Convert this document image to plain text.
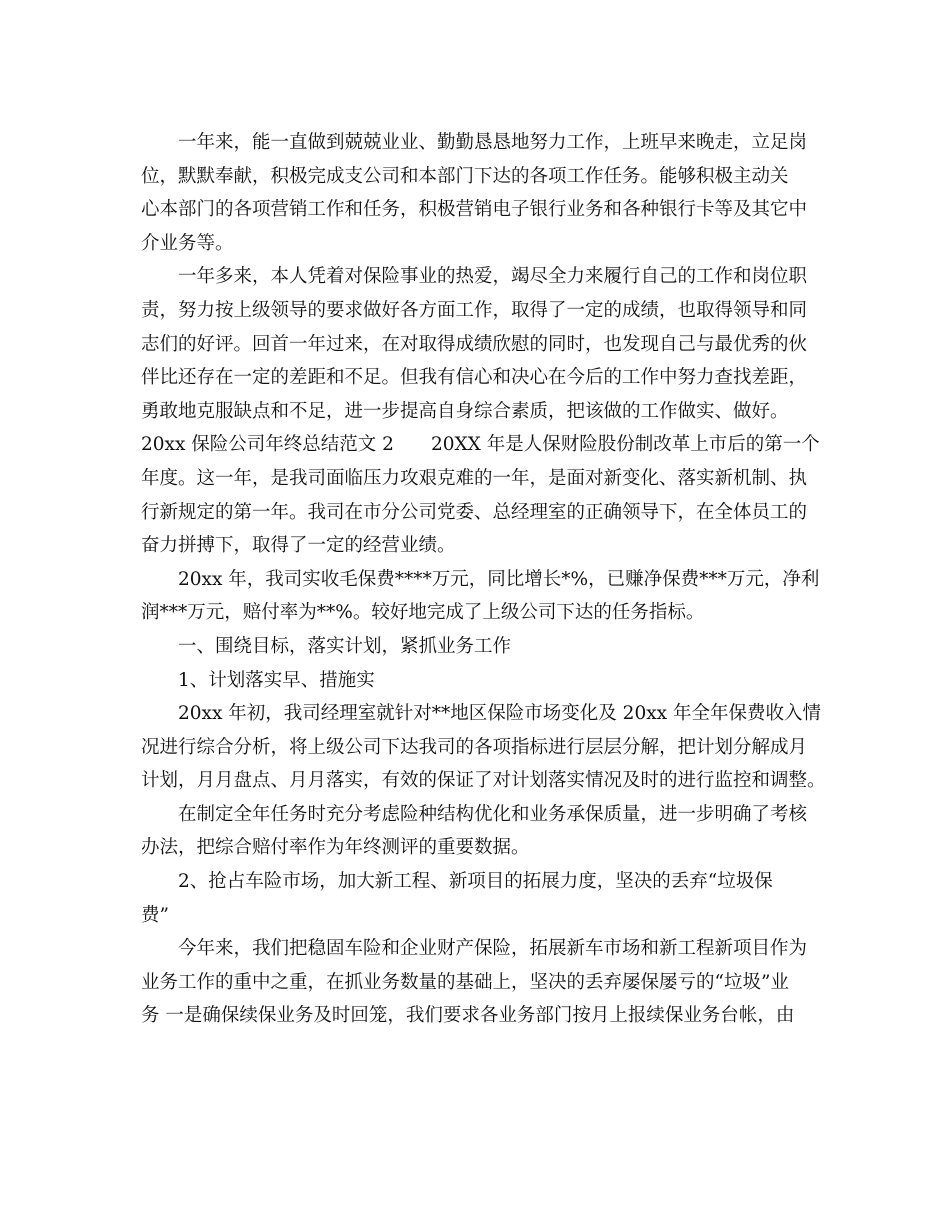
一年来，能一直做到兢兢业业、勤勤恳恳地努力工作，上班早来晚走，立足岗

位，默默奉献，积极完成支公司和本部门下达的各项工作任务。能够积极主动关

心本部门的各项营销工作和任务，积极营销电子银行业务和各种银行卡等及其它中

介业务等。

一年多来，本人凭着对保险事业的热爱，竭尽全力来履行自己的工作和岗位职

责，努力按上级领导的要求做好各方面工作，取得了一定的成绩，也取得领导和同

志们的好评。回首一年过来，在对取得成绩欣慰的同时，也发现自己与最优秀的伙

伴比还存在一定的差距和不足。但我有信心和决心在今后的工作中努力查找差距，

勇敢地克服缺点和不足，进一步提高自身综合素质，把该做的工作做实、做好。

20xx 保险公司年终总结范文 2　　20XX 年是人保财险股份制改革上市后的第一个

年度。这一年，是我司面临压力攻艰克难的一年，是面对新变化、落实新机制、执

行新规定的第一年。我司在市分公司党委、总经理室的正确领导下，在全体员工的

奋力拼搏下，取得了一定的经营业绩。

20xx 年，我司实收毛保费****万元，同比增长*%，已赚净保费***万元，净利

润***万元，赔付率为**%。较好地完成了上级公司下达的任务指标。

一、围绕目标，落实计划，紧抓业务工作

1、计划落实早、措施实

20xx 年初，我司经理室就针对**地区保险市场变化及 20xx 年全年保费收入情

况进行综合分析，将上级公司下达我司的各项指标进行层层分解，把计划分解成月

计划，月月盘点、月月落实，有效的保证了对计划落实情况及时的进行监控和调整。

在制定全年任务时充分考虑险种结构优化和业务承保质量，进一步明确了考核

办法，把综合赔付率作为年终测评的重要数据。

2、抢占车险市场，加大新工程、新项目的拓展力度，坚决的丢弃“垃圾保

费”

今年来，我们把稳固车险和企业财产保险，拓展新车市场和新工程新项目作为

业务工作的重中之重，在抓业务数量的基础上，坚决的丢弃屡保屡亏的“垃圾”业

务 一是确保续保业务及时回笼，我们要求各业务部门按月上报续保业务台帐，由
